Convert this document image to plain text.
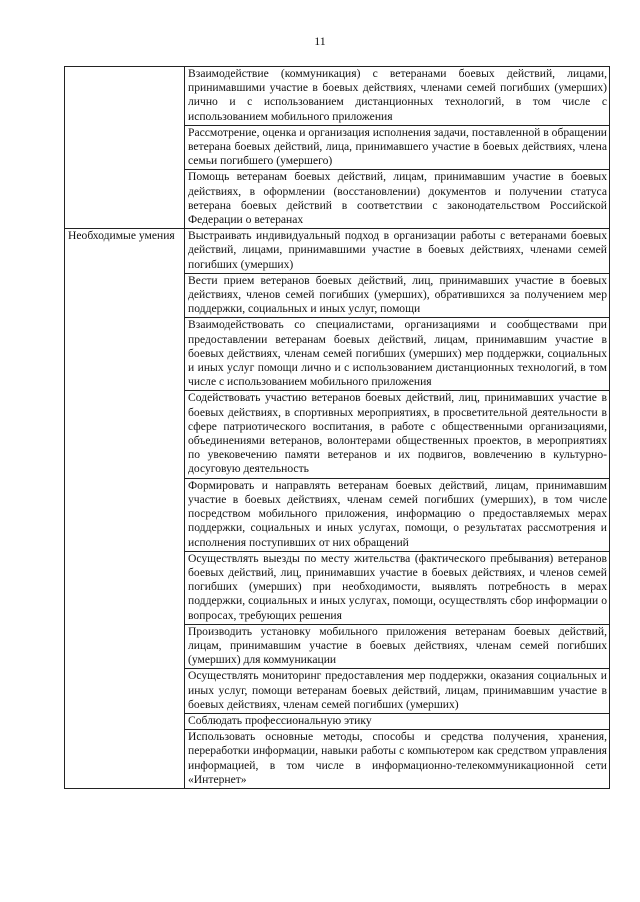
11
	Взаимодействие (коммуникация) с ветеранами боевых действий, лицами, принимавшими участие в боевых действиях, членами семей погибших (умерших) лично и с использованием дистанционных технологий, в том числе с использованием мобильного приложения
	Рассмотрение, оценка и организация исполнения задачи, поставленной в обращении ветерана боевых действий, лица, принимавшего участие в боевых действиях, члена семьи погибшего (умершего)
	Помощь ветеранам боевых действий, лицам, принимавшим участие в боевых действиях, в оформлении (восстановлении) документов и получении статуса ветерана боевых действий в соответствии с законодательством Российской Федерации о ветеранах
Необходимые умения	Выстраивать индивидуальный подход в организации работы с ветеранами боевых действий, лицами, принимавшими участие в боевых действиях, членами семей погибших (умерших)
	Вести прием ветеранов боевых действий, лиц, принимавших участие в боевых действиях, членов семей погибших (умерших), обратившихся за получением мер поддержки, социальных и иных услуг, помощи
	Взаимодействовать со специалистами, организациями и сообществами при предоставлении ветеранам боевых действий, лицам, принимавшим участие в боевых действиях, членам семей погибших (умерших) мер поддержки, социальных и иных услуг помощи лично и с использованием дистанционных технологий, в том числе с использованием мобильного приложения
	Содействовать участию ветеранов боевых действий, лиц, принимавших участие в боевых действиях, в спортивных мероприятиях, в просветительной деятельности в сфере патриотического воспитания, в работе с общественными организациями, объединениями ветеранов, волонтерами общественных проектов, в мероприятиях по увековечению памяти ветеранов и их подвигов, вовлечению в культурно-досуговую деятельность
	Формировать и направлять ветеранам боевых действий, лицам, принимавшим участие в боевых действиях, членам семей погибших (умерших), в том числе посредством мобильного приложения, информацию о предоставляемых мерах поддержки, социальных и иных услугах, помощи, о результатах рассмотрения и исполнения поступивших от них обращений
	Осуществлять выезды по месту жительства (фактического пребывания) ветеранов боевых действий, лиц, принимавших участие в боевых действиях, и членов семей погибших (умерших) при необходимости, выявлять потребность в мерах поддержки, социальных и иных услугах, помощи, осуществлять сбор информации о вопросах, требующих решения
	Производить установку мобильного приложения ветеранам боевых действий, лицам, принимавшим участие в боевых действиях, членам семей погибших (умерших) для коммуникации
	Осуществлять мониторинг предоставления мер поддержки, оказания социальных и иных услуг, помощи ветеранам боевых действий, лицам, принимавшим участие в боевых действиях, членам семей погибших (умерших)
	Соблюдать профессиональную этику
	Использовать основные методы, способы и средства получения, хранения, переработки информации, навыки работы с компьютером как средством управления информацией, в том числе в информационно-телекоммуникационной сети «Интернет»
